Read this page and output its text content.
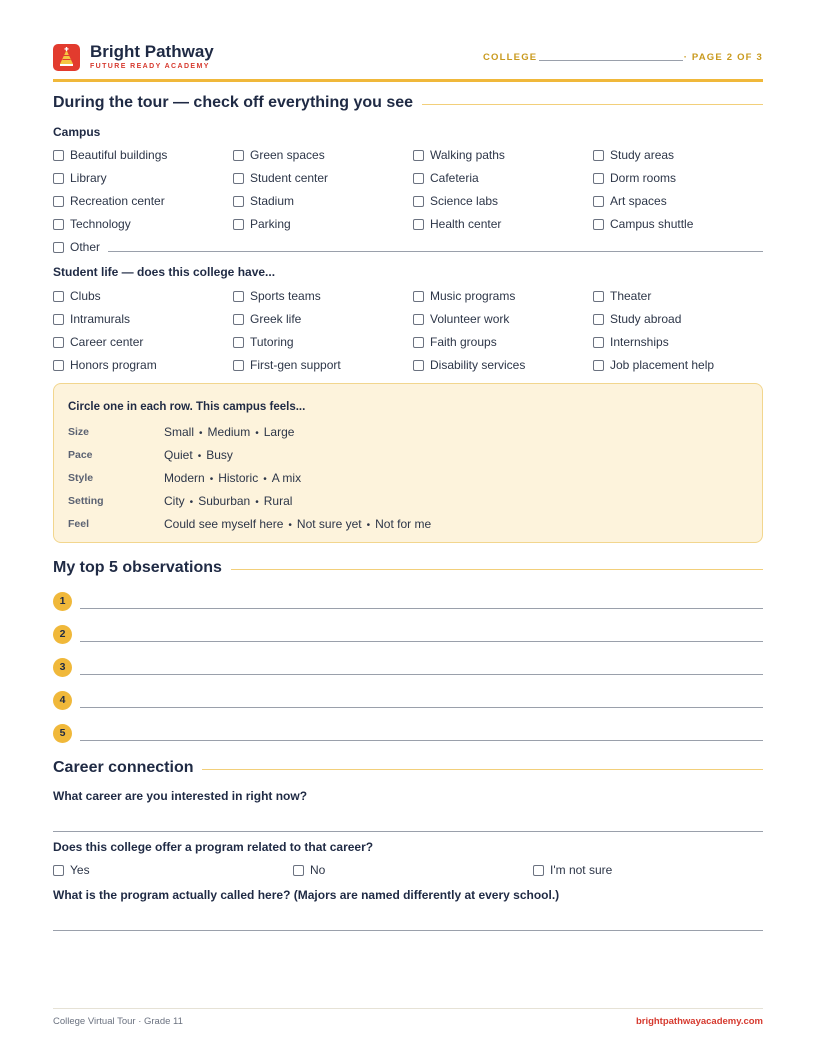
Bright Pathway
FUTURE READY ACADEMY
COLLEGE	· PAGE 2 OF 3
During the tour — check off everything you see
Campus
Beautiful buildings	Green spaces	Walking paths	Study areas
Library	Student center	Cafeteria	Dorm rooms
Recreation center	Stadium	Science labs	Art spaces
Technology	Parking	Health center	Campus shuttle
Other
Student life — does this college have...
Clubs	Sports teams	Music programs	Theater
Intramurals	Greek life	Volunteer work	Study abroad
Career center	Tutoring	Faith groups	Internships
Honors program	First-gen support	Disability services	Job placement help
Circle one in each row. This campus feels...
Size	Small • Medium • Large
Pace	Quiet • Busy
Style	Modern • Historic • A mix
Setting	City • Suburban • Rural
Feel	Could see myself here • Not sure yet • Not for me
My top 5 observations
1
2
3
4
5
Career connection
What career are you interested in right now?
Does this college offer a program related to that career?
Yes	No	I'm not sure
What is the program actually called here? (Majors are named differently at every school.)
College Virtual Tour · Grade 11	brightpathwayacademy.com
